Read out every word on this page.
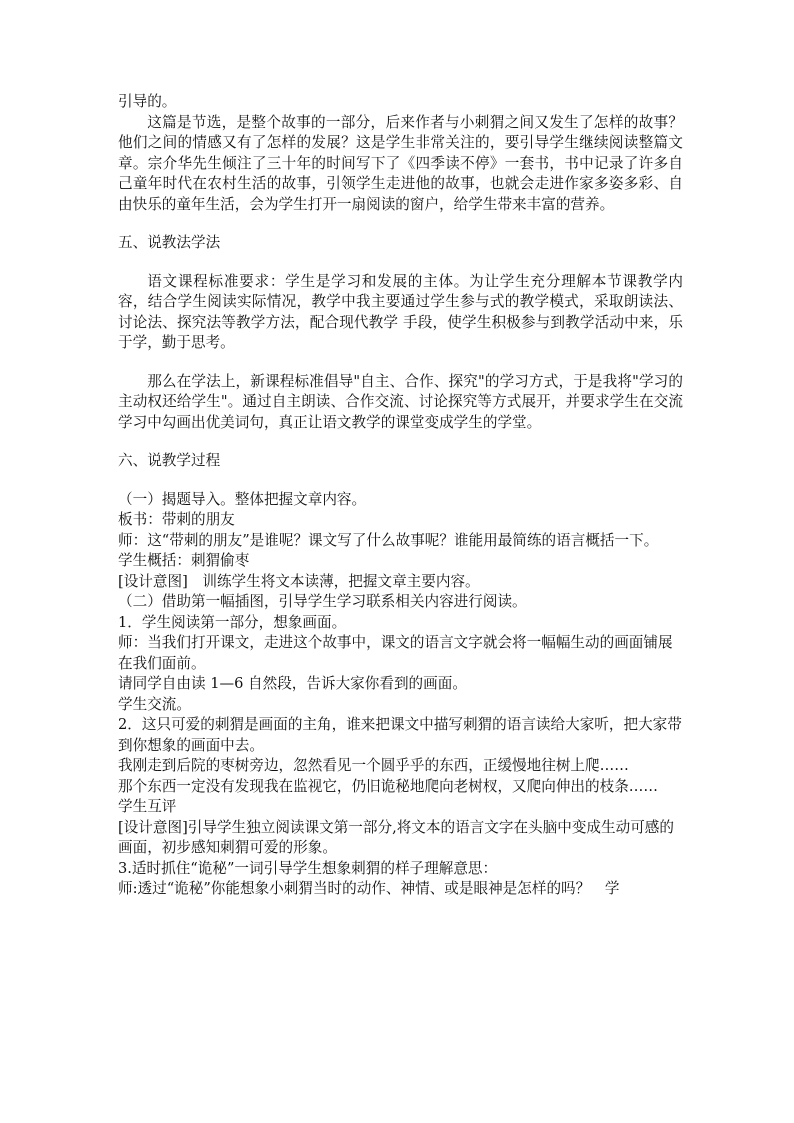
引导的。

这篇是节选，是整个故事的一部分，后来作者与小刺猬之间又发生了怎样的故事？他们之间的情感又有了怎样的发展？这是学生非常关注的，要引导学生继续阅读整篇文章。宗介华先生倾注了三十年的时间写下了《四季读不停》一套书，书中记录了许多自己童年时代在农村生活的故事，引领学生走进他的故事，也就会走进作家多姿多彩、自由快乐的童年生活，会为学生打开一扇阅读的窗户，给学生带来丰富的营养。

五、说教法学法

语文课程标准要求：学生是学习和发展的主体。为让学生充分理解本节课教学内容，结合学生阅读实际情况，教学中我主要通过学生参与式的教学模式，采取朗读法、讨论法、探究法等教学方法，配合现代教学 手段，使学生积极参与到教学活动中来，乐于学，勤于思考。

那么在学法上，新课程标准倡导"自主、合作、探究"的学习方式，于是我将"学习的主动权还给学生"。通过自主朗读、合作交流、讨论探究等方式展开，并要求学生在交流学习中勾画出优美词句，真正让语文教学的课堂变成学生的学堂。

六、说教学过程

（一）揭题导入。整体把握文章内容。

板书：带刺的朋友

师：这“带刺的朋友”是谁呢？课文写了什么故事呢？谁能用最简练的语言概括一下。

学生概括：刺猬偷枣

[设计意图]　训练学生将文本读薄，把握文章主要内容。

（二）借助第一幅插图，引导学生学习联系相关内容进行阅读。

1．学生阅读第一部分，想象画面。

师：当我们打开课文，走进这个故事中，课文的语言文字就会将一幅幅生动的画面铺展在我们面前。

请同学自由读 1—6 自然段，告诉大家你看到的画面。

学生交流。

2．这只可爱的刺猬是画面的主角，谁来把课文中描写刺猬的语言读给大家听，把大家带到你想象的画面中去。

我刚走到后院的枣树旁边，忽然看见一个圆乎乎的东西，正缓慢地往树上爬……

那个东西一定没有发现我在监视它，仍旧诡秘地爬向老树杈，又爬向伸出的枝条……

学生互评

[设计意图]引导学生独立阅读课文第一部分,将文本的语言文字在头脑中变成生动可感的画面，初步感知刺猬可爱的形象。

3.适时抓住“诡秘”一词引导学生想象刺猬的样子理解意思：

师:透过“诡秘”你能想象小刺猬当时的动作、神情、或是眼神是怎样的吗？　学
